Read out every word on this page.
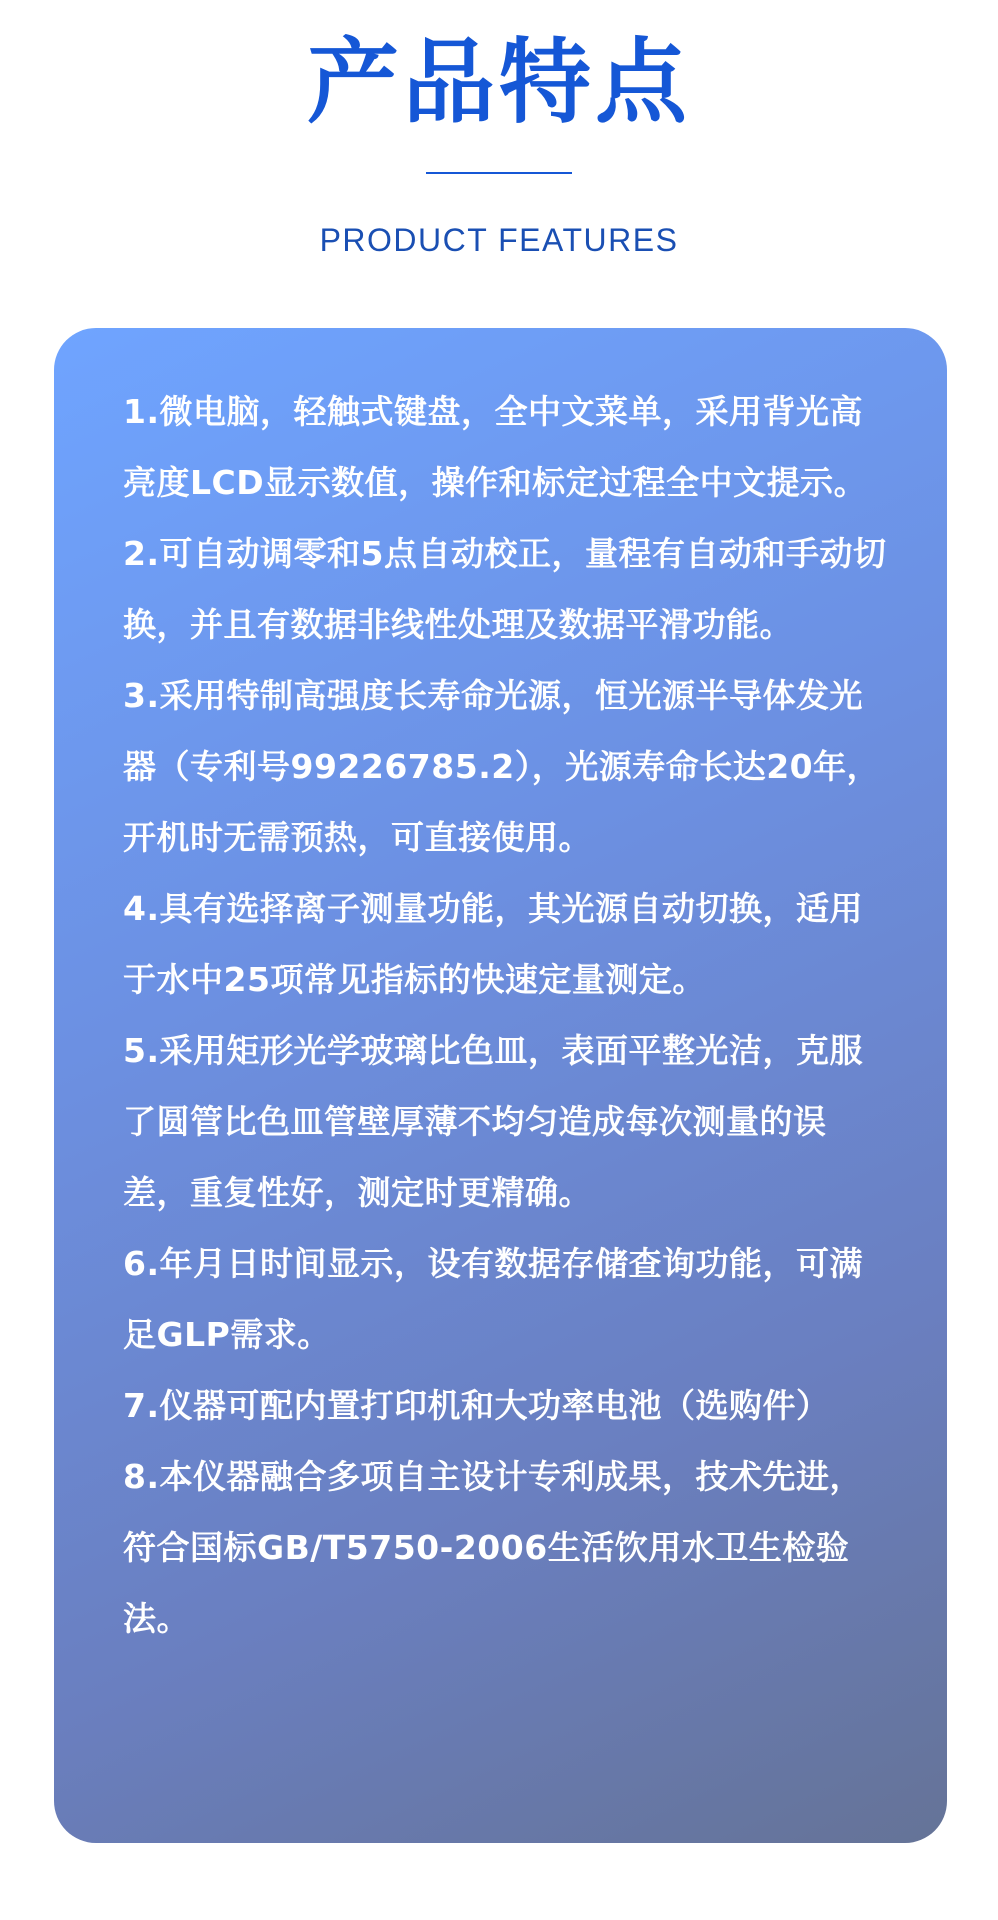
产品特点
PRODUCT FEATURES

1.微电脑，轻触式键盘，全中文菜单，采用背光高亮度LCD显示数值，操作和标定过程全中文提示。

2.可自动调零和5点自动校正，量程有自动和手动切换，并且有数据非线性处理及数据平滑功能。

3.采用特制高强度长寿命光源，恒光源半导体发光器（专利号99226785.2），光源寿命长达20年，开机时无需预热，可直接使用。

4.具有选择离子测量功能，其光源自动切换，适用于水中25项常见指标的快速定量测定。

5.采用矩形光学玻璃比色皿，表面平整光洁，克服了圆管比色皿管壁厚薄不均匀造成每次测量的误差，重复性好，测定时更精确。

6.年月日时间显示，设有数据存储查询功能，可满足GLP需求。

7.仪器可配内置打印机和大功率电池（选购件）

8.本仪器融合多项自主设计专利成果，技术先进，符合国标GB/T5750-2006生活饮用水卫生检验法。
